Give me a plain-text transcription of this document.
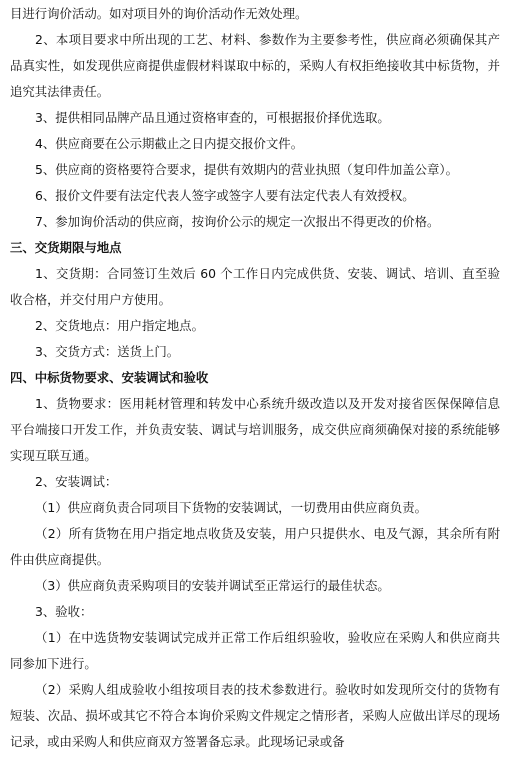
目进行询价活动。如对项目外的询价活动作无效处理。

2、本项目要求中所出现的工艺、材料、参数作为主要参考性，供应商必须确保其产品真实性，如发现供应商提供虚假材料谋取中标的，采购人有权拒绝接收其中标货物，并追究其法律责任。

3、提供相同品牌产品且通过资格审查的，可根据报价择优选取。

4、供应商要在公示期截止之日内提交报价文件。

5、供应商的资格要符合要求，提供有效期内的营业执照（复印件加盖公章）。

6、报价文件要有法定代表人签字或签字人要有法定代表人有效授权。

7、参加询价活动的供应商，按询价公示的规定一次报出不得更改的价格。

三、交货期限与地点

1、交货期：合同签订生效后 60 个工作日内完成供货、安装、调试、培训、直至验收合格，并交付用户方使用。

2、交货地点：用户指定地点。

3、交货方式：送货上门。

四、中标货物要求、安装调试和验收

1、货物要求：医用耗材管理和转发中心系统升级改造以及开发对接省医保保障信息平台端接口开发工作，并负责安装、调试与培训服务，成交供应商须确保对接的系统能够实现互联互通。

2、安装调试：

（1）供应商负责合同项目下货物的安装调试，一切费用由供应商负责。

（2）所有货物在用户指定地点收货及安装，用户只提供水、电及气源，其余所有附件由供应商提供。

（3）供应商负责采购项目的安装并调试至正常运行的最佳状态。

3、验收：

（1）在中选货物安装调试完成并正常工作后组织验收，验收应在采购人和供应商共同参加下进行。

（2）采购人组成验收小组按项目表的技术参数进行。验收时如发现所交付的货物有短装、次品、损坏或其它不符合本询价采购文件规定之情形者，采购人应做出详尽的现场记录，或由采购人和供应商双方签署备忘录。此现场记录或备
